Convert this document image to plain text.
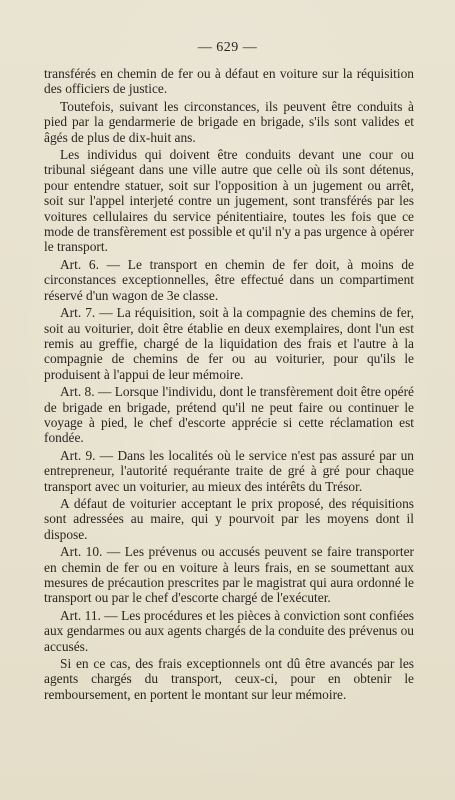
— 629 —

transférés en chemin de fer ou à défaut en voiture sur la réquisition des officiers de justice.

Toutefois, suivant les circonstances, ils peuvent être conduits à pied par la gendarmerie de brigade en brigade, s'ils sont valides et âgés de plus de dix-huit ans.

Les individus qui doivent être conduits devant une cour ou tribunal siégeant dans une ville autre que celle où ils sont détenus, pour entendre statuer, soit sur l'opposition à un jugement ou arrêt, soit sur l'appel interjeté contre un jugement, sont transférés par les voitures cellulaires du service pénitentiaire, toutes les fois que ce mode de transfèrement est possible et qu'il n'y a pas urgence à opérer le transport.

Art. 6. — Le transport en chemin de fer doit, à moins de circonstances exceptionnelles, être effectué dans un compartiment réservé d'un wagon de 3e classe.

Art. 7. — La réquisition, soit à la compagnie des chemins de fer, soit au voiturier, doit être établie en deux exemplaires, dont l'un est remis au greffie, chargé de la liquidation des frais et l'autre à la compagnie de chemins de fer ou au voiturier, pour qu'ils le produisent à l'appui de leur mémoire.

Art. 8. — Lorsque l'individu, dont le transfèrement doit être opéré de brigade en brigade, prétend qu'il ne peut faire ou continuer le voyage à pied, le chef d'escorte apprécie si cette réclamation est fondée.

Art. 9. — Dans les localités où le service n'est pas assuré par un entrepreneur, l'autorité requérante traite de gré à gré pour chaque transport avec un voiturier, au mieux des intérêts du Trésor.

A défaut de voiturier acceptant le prix proposé, des réquisitions sont adressées au maire, qui y pourvoit par les moyens dont il dispose.

Art. 10. — Les prévenus ou accusés peuvent se faire transporter en chemin de fer ou en voiture à leurs frais, en se soumettant aux mesures de précaution prescrites par le magistrat qui aura ordonné le transport ou par le chef d'escorte chargé de l'exécuter.

Art. 11. — Les procédures et les pièces à conviction sont confiées aux gendarmes ou aux agents chargés de la conduite des prévenus ou accusés.

Si en ce cas, des frais exceptionnels ont dû être avancés par les agents chargés du transport, ceux-ci, pour en obtenir le remboursement, en portent le montant sur leur mémoire.
